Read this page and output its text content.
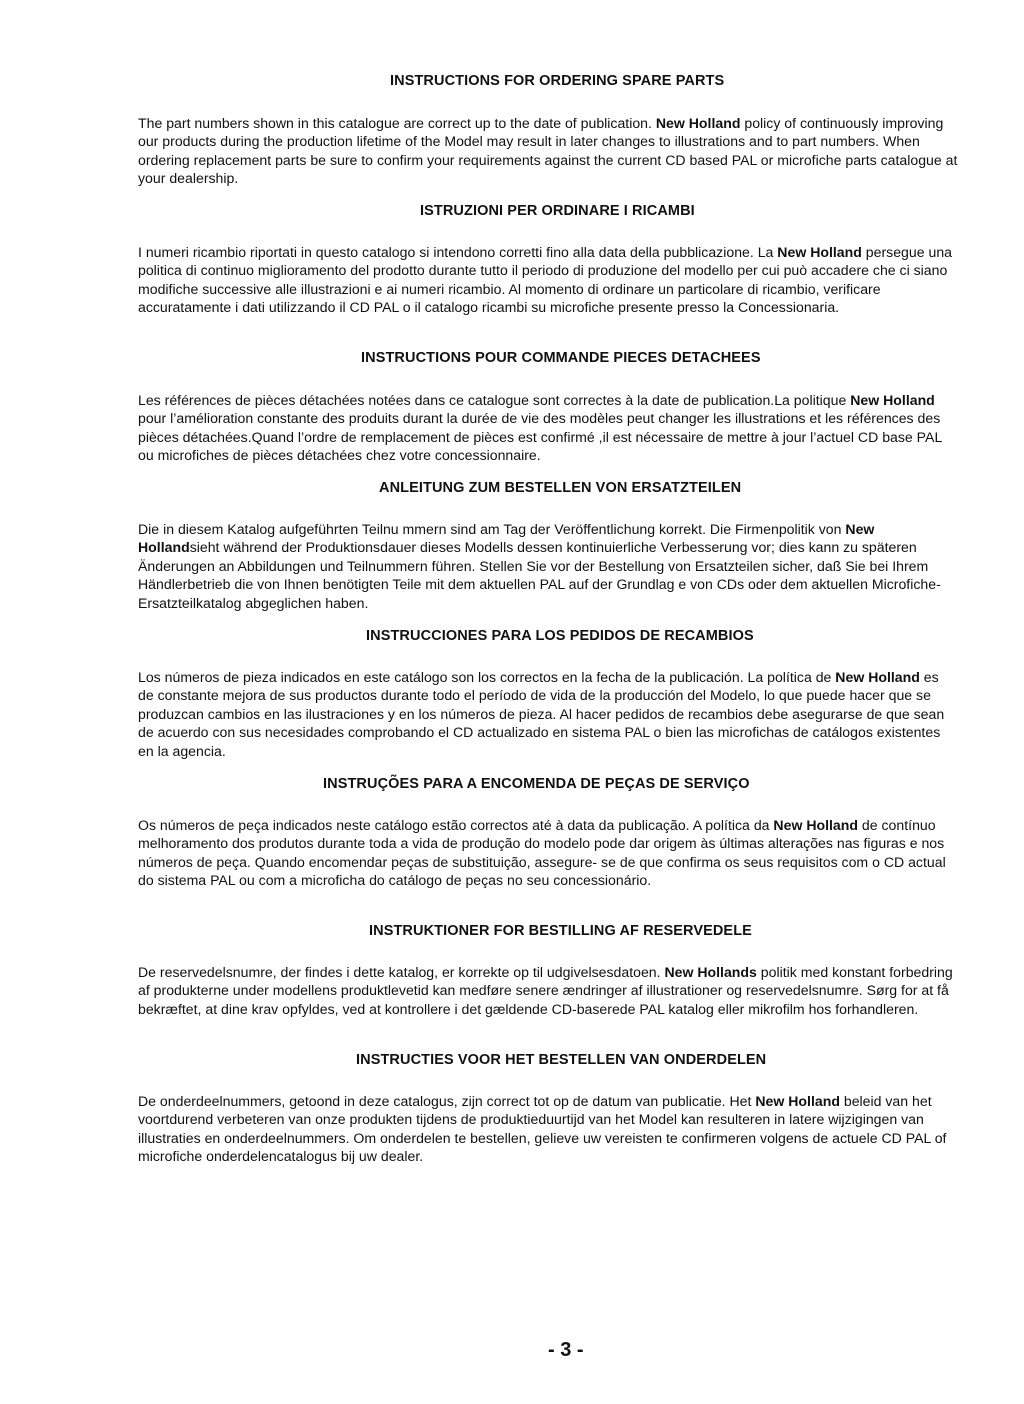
INSTRUCTIONS FOR ORDERING SPARE PARTS

The part numbers shown in this catalogue are correct up to the date of publication. New Holland policy of continuously improving our products during the production lifetime of the Model may result in later changes to illustrations and to part numbers. When ordering replacement parts be sure to confirm your requirements against the current CD based PAL or microfiche parts catalogue at your dealership.

ISTRUZIONI PER ORDINARE I RICAMBI

I numeri ricambio riportati in questo catalogo si intendono corretti fino alla data della pubblicazione. La New Holland persegue una politica di continuo miglioramento del prodotto durante tutto il periodo di produzione del modello per cui può accadere che ci siano modifiche successive alle illustrazioni e ai numeri ricambio. Al momento di ordinare un particolare di ricambio, verificare accuratamente i dati utilizzando il CD PAL o il catalogo ricambi su microfiche presente presso la Concessionaria.

INSTRUCTIONS POUR COMMANDE PIECES DETACHEES

Les références de pièces détachées notées dans ce catalogue sont correctes à la date de publication.La politique New Holland pour l’amélioration constante des produits durant la durée de vie des modèles peut changer les illustrations et les références des pièces détachées.Quand l’ordre de remplacement de pièces est confirmé ,il est nécessaire de mettre à jour l’actuel CD base PAL ou microfiches de pièces détachées chez votre concessionnaire.

ANLEITUNG ZUM BESTELLEN VON ERSATZTEILEN

Die in diesem Katalog aufgeführten Teilnu mmern sind am Tag der Veröffentlichung korrekt. Die Firmenpolitik von New Hollandsieht während der Produktionsdauer dieses Modells dessen kontinuierliche Verbesserung vor; dies kann zu späteren Änderungen an Abbildungen und Teilnummern führen. Stellen Sie vor der Bestellung von Ersatzteilen sicher, daß Sie bei Ihrem Händlerbetrieb die von Ihnen benötigten Teile mit dem aktuellen PAL auf der Grundlag e von CDs oder dem aktuellen Microfiche-Ersatzteilkatalog abgeglichen haben.

INSTRUCCIONES PARA LOS PEDIDOS DE RECAMBIOS

Los números de pieza indicados en este catálogo son los correctos en la fecha de la publicación. La política de New Holland es de constante mejora de sus productos durante todo el período de vida de la producción del Modelo, lo que puede hacer que se produzcan cambios en las ilustraciones y en los números de pieza. Al hacer pedidos de recambios debe asegurarse de que sean de acuerdo con sus necesidades comprobando el CD actualizado en sistema PAL o bien las microfichas de catálogos existentes en la agencia.

INSTRUÇÕES PARA A ENCOMENDA DE PEÇAS DE SERVIÇO

Os números de peça indicados neste catálogo estão correctos até à data da publicação. A política da New Holland de contínuo melhoramento dos produtos durante toda a vida de produção do modelo pode dar origem às últimas alterações nas figuras e nos números de peça. Quando encomendar peças de substituição, assegure- se de que confirma os seus requisitos com o CD actual do sistema PAL ou com a microficha do catálogo de peças no seu concessionário.

INSTRUKTIONER FOR BESTILLING AF RESERVEDELE

De reservedelsnumre, der findes i dette katalog, er korrekte op til udgivelsesdatoen. New Hollands politik med konstant forbedring af produkterne under modellens produktlevetid kan medføre senere ændringer af illustrationer og reservedelsnumre. Sørg for at få bekræftet, at dine krav opfyldes, ved at kontrollere i det gældende CD-baserede PAL katalog eller mikrofilm hos forhandleren.

INSTRUCTIES VOOR HET BESTELLEN VAN ONDERDELEN

De onderdeelnummers, getoond in deze catalogus, zijn correct tot op de datum van publicatie. Het New Holland beleid van het voortdurend verbeteren van onze produkten tijdens de produktieduurtijd van het Model kan resulteren in latere wijzigingen van illustraties en onderdeelnummers. Om onderdelen te bestellen, gelieve uw vereisten te confirmeren volgens de actuele CD PAL of microfiche onderdelencatalogus bij uw dealer.

- 3 -
